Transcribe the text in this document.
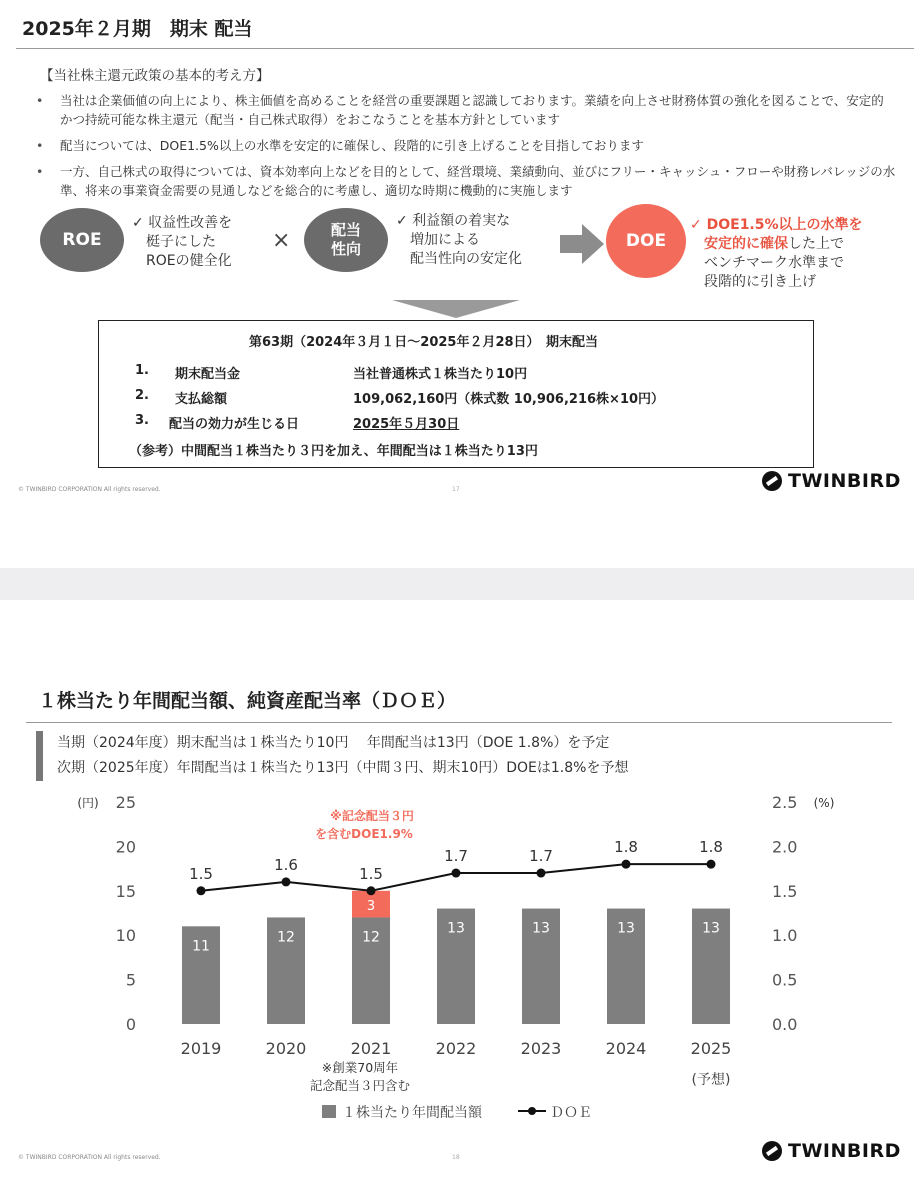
2025年２月期　期末 配当
【当社株主還元政策の基本的考え方】
• 当社は企業価値の向上により、株主価値を高めることを経営の重要課題と認識しております。業績を向上させ財務体質の強化を図ることで、安定的かつ持続可能な株主還元（配当・自己株式取得）をおこなうことを基本方針としています
• 配当については、DOE1.5%以上の水準を安定的に確保し、段階的に引き上げることを目指しております
• 一方、自己株式の取得については、資本効率向上などを目的として、経営環境、業績動向、並びにフリー・キャッシュ・フローや財務レバレッジの水準、将来の事業資金需要の見通しなどを総合的に考慮し、適切な時期に機動的に実施します
ROE
✓ 収益性改善を
　梃子にした
　ROEの健全化
×	配当
性向
✓ 利益額の着実な
　増加による
　配当性向の安定化
DOE
✓ DOE1.5%以上の水準を
　安定的に確保した上で
　ベンチマーク水準まで
　段階的に引き上げ
第63期（2024年３月１日～2025年２月28日）　期末配当
1. 期末配当金	当社普通株式１株当たり10円
2. 支払総額	109,062,160円（株式数 10,906,216株×10円）
3. 配当の効力が生じる日	2025年５月30日
（参考）中間配当１株当たり３円を加え、年間配当は１株当たり13円
© TWINBIRD CORPORATION All rights reserved.	17	TWINBIRD
１株当たり年間配当額、純資産配当率（ＤＯＥ）
当期（2024年度）期末配当は１株当たり10円　 年間配当は13円（DOE 1.8%）を予定
次期（2025年度）年間配当は１株当たり13円（中間３円、期末10円）DOEは1.8%を予想
(円)	(%)
0
5
10
15
20
25
0.0
0.5
1.0
1.5
2.0
2.5
11
2019
12
2020
12
3
2021
13
2022
13
2023
13
2024
13
2025
(予想)
1.5	1.6	1.5
1.7	1.7	1.8	1.8
※記念配当３円
を含むDOE1.9%
※創業70周年
記念配当３円含む
１株当たり年間配当額	ＤＯＥ
© TWINBIRD CORPORATION All rights reserved.	18	TWINBIRD
